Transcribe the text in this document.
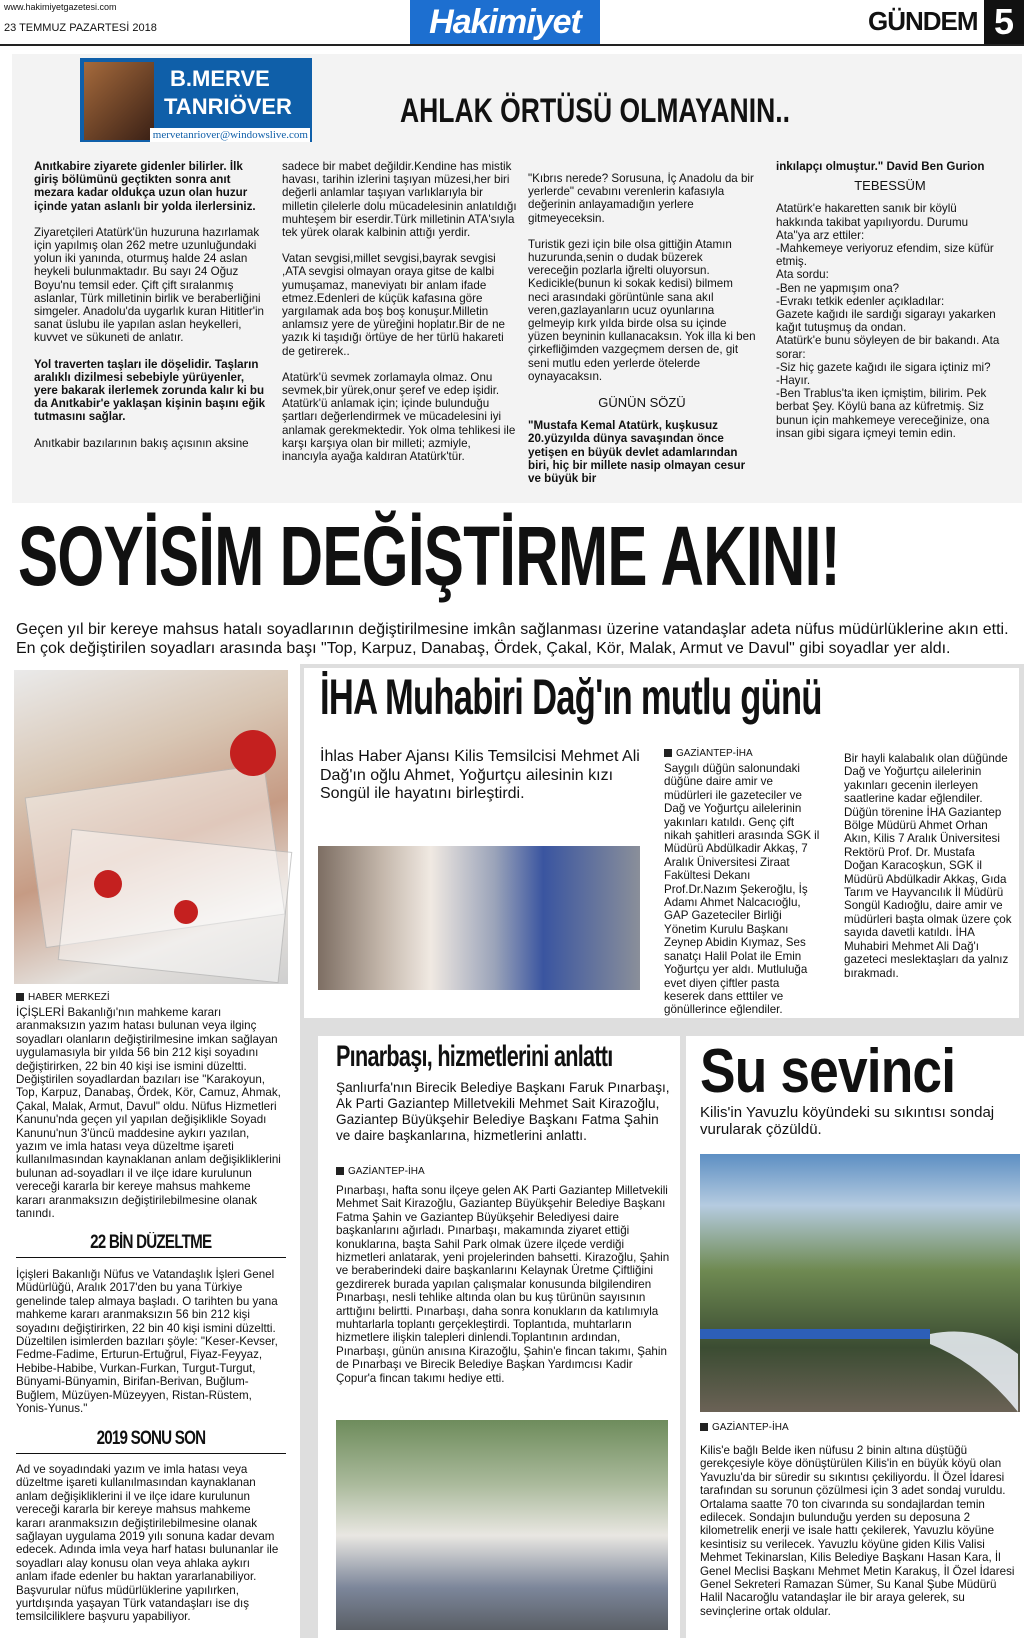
www.hakimiyetgazetesi.com
23 TEMMUZ PAZARTESİ 2018	Hakimiyet	GÜNDEM 5
B.MERVE
TANRIÖVER
mervetanriover@windowslive.com
AHLAK ÖRTÜSÜ OLMAYANIN..

Anıtkabire ziyarete gidenler bilirler. İlk giriş bölümünü geçtikten sonra anıt mezara kadar oldukça uzun olan huzur içinde yatan aslanlı bir yolda ilerlersiniz.

Ziyaretçileri Atatürk'ün huzuruna hazırlamak için yapılmış olan 262 metre uzunluğundaki yolun iki yanında, oturmuş halde 24 aslan heykeli bulunmaktadır. Bu sayı 24 Oğuz Boyu'nu temsil eder. Çift çift sıralanmış aslanlar, Türk milletinin birlik ve beraberliğini simgeler. Anadolu'da uygarlık kuran Hititler'in sanat üslubu ile yapılan aslan heykelleri, kuvvet ve sükuneti de anlatır.

Yol traverten taşları ile döşelidir. Taşların aralıklı dizilmesi sebebiyle yürüyenler, yere bakarak ilerlemek zorunda kalır ki bu da Anıtkabir'e yaklaşan kişinin başını eğik tutmasını sağlar.

Anıtkabir bazılarının bakış açısının aksine

sadece bir mabet değildir.Kendine has mistik havası, tarihin izlerini taşıyan müzesi,her biri değerli anlamlar taşıyan varlıklarıyla bir milletin çilelerle dolu mücadelesinin anlatıldığı muhteşem bir eserdir.Türk milletinin ATA'sıyla tek yürek olarak kalbinin attığı yerdir.

Vatan sevgisi,millet sevgisi,bayrak sevgisi ,ATA sevgisi olmayan oraya gitse de kalbi yumuşamaz, maneviyatı bir anlam ifade etmez.Edenleri de küçük kafasına göre yargılamak ada boş boş konuşur.Milletin anlamsız yere de yüreğini hoplatır.Bir de ne yazık ki taşıdığı örtüye de her türlü hakareti de getirerek..

Atatürk'ü sevmek zorlamayla olmaz. Onu sevmek,bir yürek,onur şeref ve edep işidir. Atatürk'ü anlamak için; içinde bulunduğu şartları değerlendirmek ve mücadelesini iyi anlamak gerekmektedir. Yok olma tehlikesi ile karşı karşıya olan bir milleti; azmiyle, inancıyla ayağa kaldıran Atatürk'tür.

"Kıbrıs nerede? Sorusuna, İç Anadolu da bir yerlerde" cevabını verenlerin kafasıyla değerinin anlayamadığın yerlere gitmeyeceksin.

Turistik gezi için bile olsa gittiğin Atamın huzurunda,senin o dudak büzerek vereceğin pozlarla iğrelti oluyorsun. Kedicikle(bunun ki sokak kedisi) bilmem neci arasındaki görüntünle sana akıl veren,gazlayanların ucuz oyunlarına gelmeyip kırk yılda birde olsa su içinde yüzen beyninin kullanacaksın. Yok illa ki ben çirkefliğimden vazgeçmem dersen de, git seni mutlu eden yerlerde ötelerde oynayacaksın.

GÜNÜN SÖZÜ

"Mustafa Kemal Atatürk, kuşkusuz 20.yüzyılda dünya savaşından önce yetişen en büyük devlet adamlarından biri, hiç bir millete nasip olmayan cesur ve büyük bir

inkılapçı olmuştur." David Ben Gurion

TEBESSÜM
Atatürk'e hakaretten sanık bir köylü hakkında takibat yapılıyordu. Durumu Ata''ya arz ettiler:
-Mahkemeye veriyoruz efendim, size küfür etmiş.
Ata sordu:
-Ben ne yapmışım ona?
-Evrakı tetkik edenler açıkladılar:
Gazete kağıdı ile sardığı sigarayı yakarken kağıt tutuşmuş da ondan.
Atatürk'e bunu söyleyen de bir bakandı. Ata sorar:
-Siz hiç gazete kağıdı ile sigara içtiniz mi?
-Hayır.
-Ben Trablus'ta iken içmiştim, bilirim. Pek berbat Şey. Köylü bana az küfretmiş. Siz bunun için mahkemeye vereceğinize, ona insan gibi sigara içmeyi temin edin.
SOYİSİM DEĞİŞTİRME AKINI!
Geçen yıl bir kereye mahsus hatalı soyadlarının değiştirilmesine imkân sağlanması üzerine vatandaşlar adeta nüfus müdürlüklerine akın etti. En çok değiştirilen soyadları arasında başı "Top, Karpuz, Danabaş, Ördek, Çakal, Kör, Malak, Armut ve Davul" gibi soyadlar yer aldı.
HABER MERKEZİ
İÇİŞLERİ Bakanlığı'nın mahkeme kararı aranmaksızın yazım hatası bulunan veya ilginç soyadları olanların değiştirilmesine imkan sağlayan uygulamasıyla bir yılda 56 bin 212 kişi soyadını değiştirirken, 22 bin 40 kişi ise ismini düzeltti. Değiştirilen soyadlardan bazıları ise "Karakoyun, Top, Karpuz, Danabaş, Ördek, Kör, Camuz, Ahmak, Çakal, Malak, Armut, Davul" oldu. Nüfus Hizmetleri Kanunu'nda geçen yıl yapılan değişiklikle Soyadı Kanunu'nun 3'üncü maddesine aykırı yazılan, yazım ve imla hatası veya düzeltme işareti kullanılmasından kaynaklanan anlam değişikliklerini bulunan ad-soyadları il ve ilçe idare kurulunun vereceği kararla bir kereye mahsus mahkeme kararı aranmaksızın değiştirilebilmesine olanak tanındı.
22 BİN DÜZELTME
İçişleri Bakanlığı Nüfus ve Vatandaşlık İşleri Genel Müdürlüğü, Aralık 2017'den bu yana Türkiye genelinde talep almaya başladı. O tarihten bu yana mahkeme kararı aranmaksızın 56 bin 212 kişi soyadını değiştirirken, 22 bin 40 kişi ismini düzeltti. Düzeltilen isimlerden bazıları şöyle: "Keser-Kevser, Fedme-Fadime, Erturun-Ertuğrul, Fiyaz-Feyyaz, Hebibe-Habibe, Vurkan-Furkan, Turgut-Turgut, Bünyami-Bünyamin, Birifan-Berivan, Buğlum-Buğlem, Müzüyen-Müzeyyen, Ristan-Rüstem, Yonis-Yunus."
2019 SONU SON
Ad ve soyadındaki yazım ve imla hatası veya düzeltme işareti kullanılmasından kaynaklanan anlam değişikliklerini il ve ilçe idare kurulunun vereceği kararla bir kereye mahsus mahkeme kararı aranmaksızın değiştirilebilmesine olanak sağlayan uygulama 2019 yılı sonuna kadar devam edecek. Adında imla veya harf hatası bulunanlar ile soyadları alay konusu olan veya ahlaka aykırı anlam ifade edenler bu haktan yararlanabiliyor. Başvurular nüfus müdürlüklerine yapılırken, yurtdışında yaşayan Türk vatandaşları ise dış temsilciliklere başvuru yapabiliyor.
İHA Muhabiri Dağ'ın mutlu günü
İhlas Haber Ajansı Kilis Temsilcisi Mehmet Ali Dağ'ın oğlu Ahmet, Yoğurtçu ailesinin kızı Songül ile hayatını birleştirdi.
GAZİANTEP-İHA
Saygılı düğün salonundaki düğüne daire amir ve müdürleri ile gazeteciler ve Dağ ve Yoğurtçu ailelerinin yakınları katıldı. Genç çift nikah şahitleri arasında SGK il Müdürü Abdülkadir Akkaş, 7 Aralık Üniversitesi Ziraat Fakültesi Dekanı Prof.Dr.Nazım Şekeroğlu, İş Adamı Ahmet Nalcacıoğlu, GAP Gazeteciler Birliği Yönetim Kurulu Başkanı Zeynep Abidin Kıymaz, Ses sanatçı Halil Polat ile Emin Yoğurtçu yer aldı. Mutluluğa evet diyen çiftler pasta keserek dans etttiler ve gönüllerince eğlendiler.
Bir hayli kalabalık olan düğünde Dağ ve Yoğurtçu ailelerinin yakınları gecenin ilerleyen saatlerine kadar eğlendiler. Düğün törenine İHA Gaziantep Bölge Müdürü Ahmet Orhan Akın, Kilis 7 Aralık Üniversitesi Rektörü Prof. Dr. Mustafa Doğan Karacoşkun, SGK il Müdürü Abdülkadir Akkaş, Gıda Tarım ve Hayvancılık İl Müdürü Songül Kadıoğlu, daire amir ve müdürleri başta olmak üzere çok sayıda davetli katıldı. İHA Muhabiri Mehmet Ali Dağ'ı gazeteci meslektaşları da yalnız bırakmadı.
Pınarbaşı, hizmetlerini anlattı
Şanlıurfa'nın Birecik Belediye Başkanı Faruk Pınarbaşı, Ak Parti Gaziantep Milletvekili Mehmet Sait Kirazoğlu, Gaziantep Büyükşehir Belediye Başkanı Fatma Şahin ve daire başkanlarına, hizmetlerini anlattı.
GAZİANTEP-İHA
Pınarbaşı, hafta sonu ilçeye gelen AK Parti Gaziantep Milletvekili Mehmet Sait Kirazoğlu, Gaziantep Büyükşehir Belediye Başkanı Fatma Şahin ve Gaziantep Büyükşehir Belediyesi daire başkanlarını ağırladı. Pınarbaşı, makamında ziyaret ettiği konuklarına, başta Sahil Park olmak üzere ilçede verdiği hizmetleri anlatarak, yeni projelerinden bahsetti. Kirazoğlu, Şahin ve beraberindeki daire başkanlarını Kelaynak Üretme Çiftliğini gezdirerek burada yapılan çalışmalar konusunda bilgilendiren Pınarbaşı, nesli tehlike altında olan bu kuş türünün sayısının arttığını belirtti. Pınarbaşı, daha sonra konukların da katılımıyla muhtarlarla toplantı gerçekleştirdi. Toplantıda, muhtarların hizmetlere ilişkin talepleri dinlendi.Toplantının ardından, Pınarbaşı, günün anısına Kirazoğlu, Şahin'e fincan takımı, Şahin de Pınarbaşı ve Birecik Belediye Başkan Yardımcısı Kadir Çopur'a fincan takımı hediye etti.
Su sevinci
Kilis'in Yavuzlu köyündeki su sıkıntısı sondaj vurularak çözüldü.
GAZİANTEP-İHA
Kilis'e bağlı Belde iken nüfusu 2 binin altına düştüğü gerekçesiyle köye dönüştürülen Kilis'in en büyük köyü olan Yavuzlu'da bir süredir su sıkıntısı çekiliyordu. İl Özel İdaresi tarafından su sorunun çözülmesi için 3 adet sondaj vuruldu. Ortalama saatte 70 ton civarında su sondajlardan temin edilecek. Sondajın bulunduğu yerden su deposuna 2 kilometrelik enerji ve isale hattı çekilerek, Yavuzlu köyüne kesintisiz su verilecek. Yavuzlu köyüne giden Kilis Valisi Mehmet Tekinarslan, Kilis Belediye Başkanı Hasan Kara, İl Genel Meclisi Başkanı Mehmet Metin Karakuş, İl Özel İdaresi Genel Sekreteri Ramazan Sümer, Su Kanal Şube Müdürü Halil Nacaroğlu vatandaşlar ile bir araya gelerek, su sevinçlerine ortak oldular.
